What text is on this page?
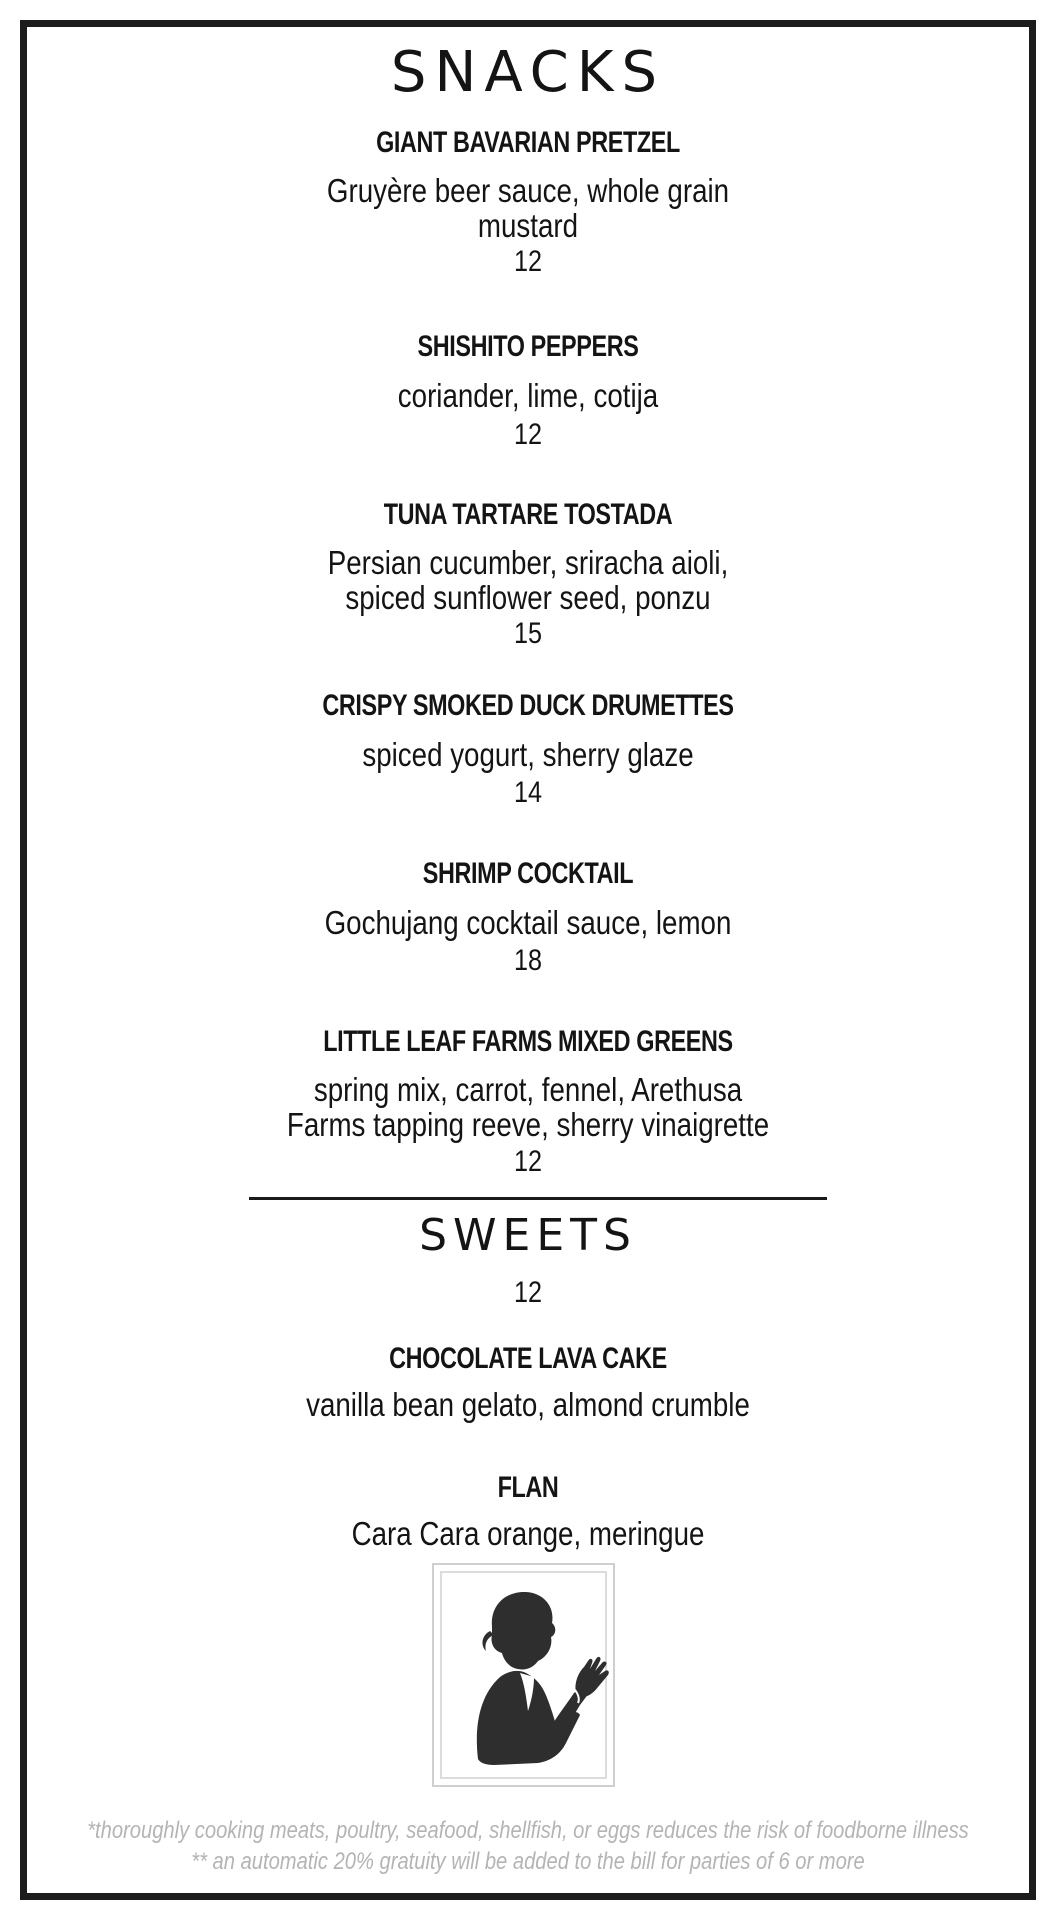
SNACKS
GIANT BAVARIAN PRETZEL
Gruyère beer sauce, whole grain
mustard
12
SHISHITO PEPPERS
coriander, lime, cotija
12
TUNA TARTARE TOSTADA
Persian cucumber, sriracha aioli,
spiced sunflower seed, ponzu
15
CRISPY SMOKED DUCK DRUMETTES
spiced yogurt, sherry glaze
14
SHRIMP COCKTAIL
Gochujang cocktail sauce, lemon
18
LITTLE LEAF FARMS MIXED GREENS
spring mix, carrot, fennel, Arethusa
Farms tapping reeve, sherry vinaigrette
12
SWEETS
12
CHOCOLATE LAVA CAKE
vanilla bean gelato, almond crumble
FLAN
Cara Cara orange, meringue
*thoroughly cooking meats, poultry, seafood, shellfish, or eggs reduces the risk of foodborne illness
** an automatic 20% gratuity will be added to the bill for parties of 6 or more
